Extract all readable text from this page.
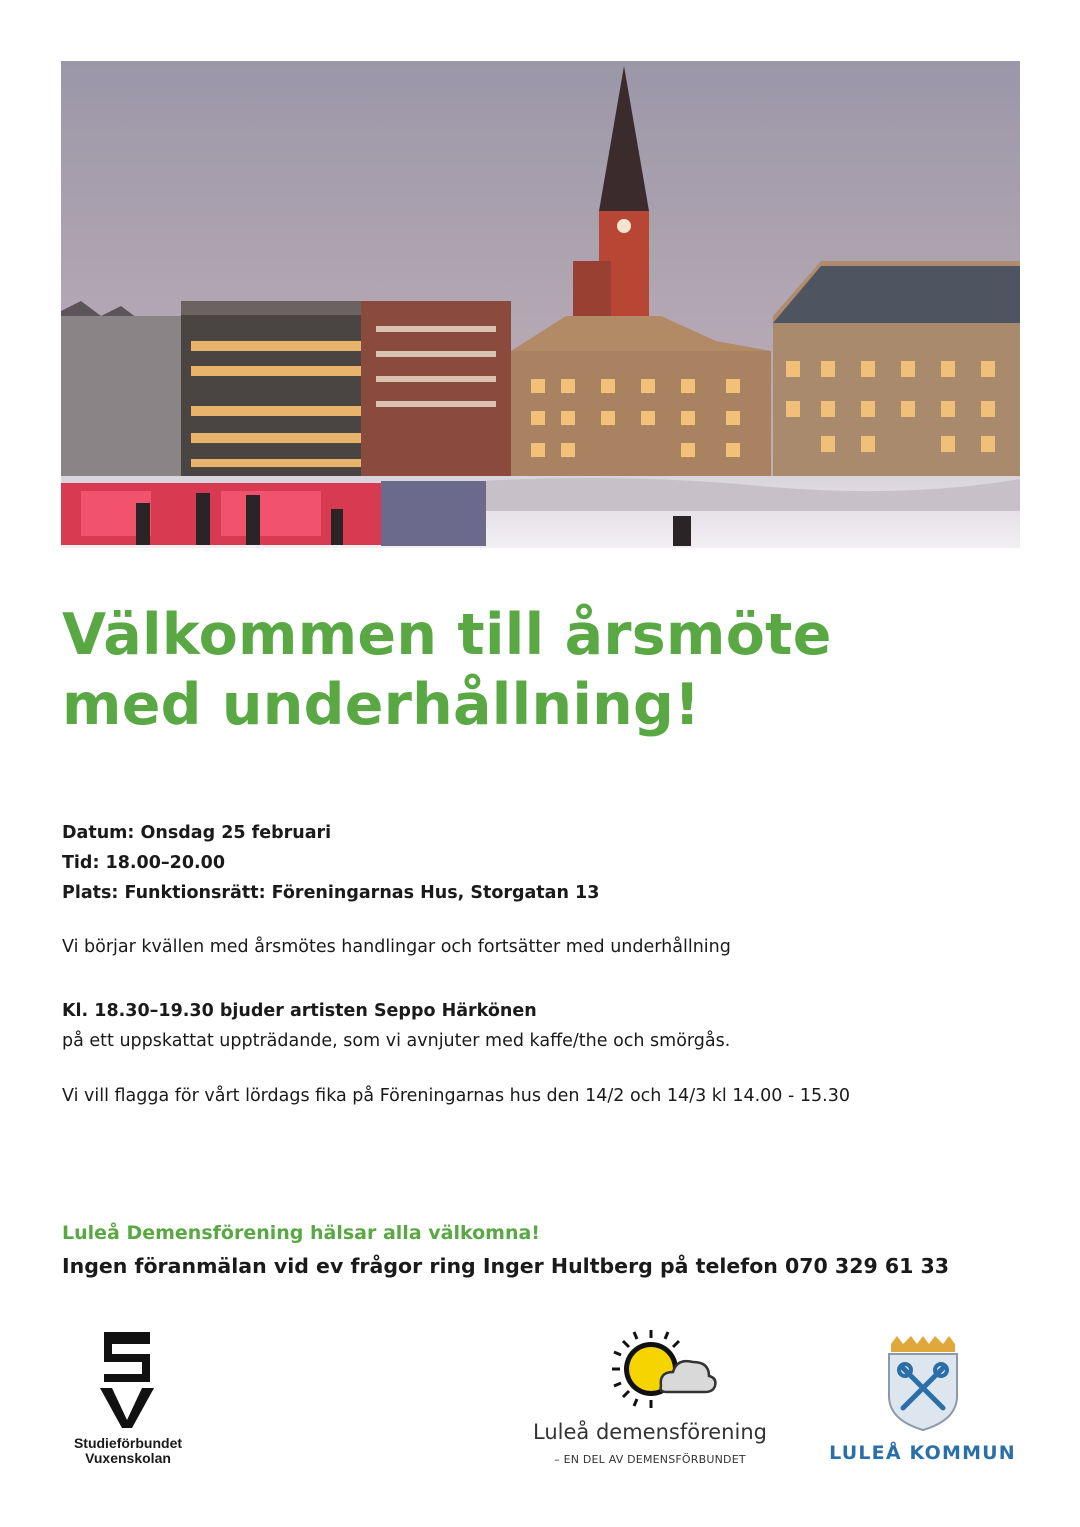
Välkommen till årsmöte
med underhållning!
Datum: Onsdag 25 februari
Tid: 18.00–20.00
Plats: Funktionsrätt: Föreningarnas Hus, Storgatan 13
Vi börjar kvällen med årsmötes handlingar och fortsätter med underhållning
Kl. 18.30–19.30 bjuder artisten Seppo Härkönen
på ett uppskattat uppträdande, som vi avnjuter med kaffe/the och smörgås.
Vi vill flagga för vårt lördags fika på Föreningarnas hus den 14/2 och 14/3 kl 14.00 - 15.30
Luleå Demensförening hälsar alla välkomna!
Ingen föranmälan vid ev frågor ring Inger Hultberg på telefon 070 329 61 33
Studieförbundet
Vuxenskolan
Luleå demensförening
– EN DEL AV DEMENSFÖRBUNDET	LULEÅ KOMMUN
